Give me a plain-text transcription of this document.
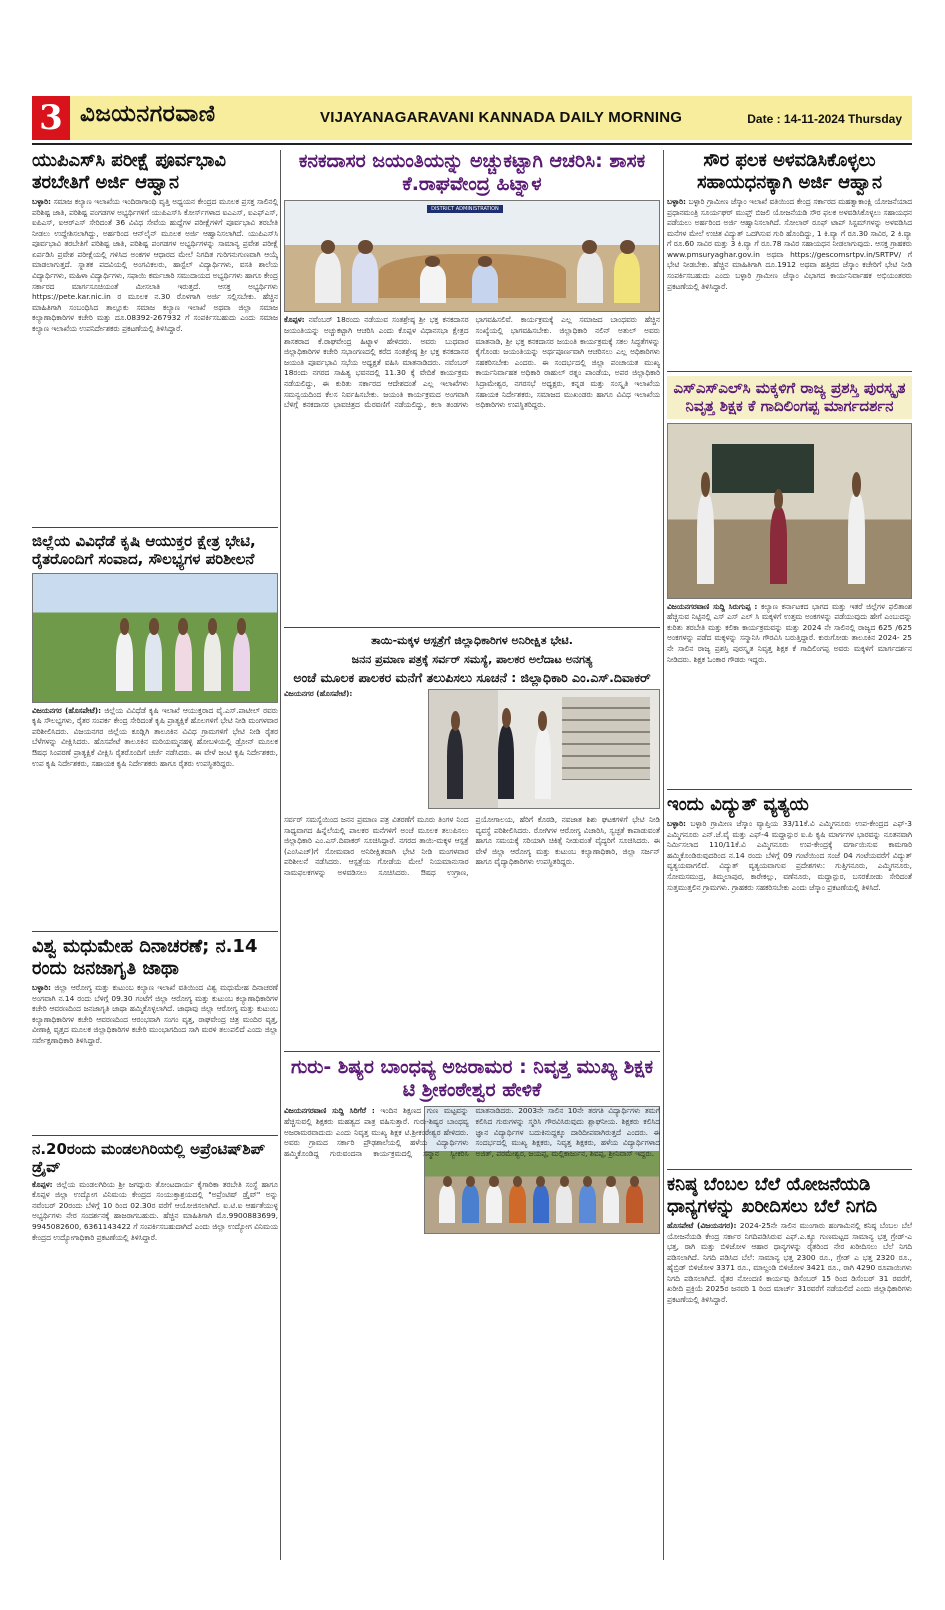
3 ವಿಜಯನಗರವಾಣಿ	VIJAYANAGARAVANI KANNADA DAILY MORNING	Date : 14-11-2024 Thursday
ಯುಪಿಎಸ್‌ಸಿ ಪರೀಕ್ಷೆ ಪೂರ್ವಭಾವಿ ತರಬೇತಿಗೆ ಅರ್ಜಿ ಆಹ್ವಾನ
ಬಳ್ಳಾರಿ: ಸಮಾಜ ಕಲ್ಯಾಣ ಇಲಾಖೆಯ ಇಂದಿರಾಗಾಂಧಿ ವೃತ್ತಿ ಅಧ್ಯಯನ ಕೇಂದ್ರದ ಮೂಲಕ ಪ್ರಸಕ್ತ ಸಾಲಿನಲ್ಲಿ ಪರಿಶಿಷ್ಟ ಜಾತಿ, ಪರಿಶಿಷ್ಟ ಪಂಗಡಗಳ ಅಭ್ಯರ್ಥಿಗಳಿಗೆ ಯುಪಿಎಸ್‌ಸಿ ಕೋರ್ಸ್‌ಗಳಾದ ಐಎಎಸ್, ಐಎಫ್‌ಎಸ್, ಐಪಿಎಸ್, ಐಆರ್‌ಎಸ್ ಸೇರಿದಂತೆ 36 ವಿವಿಧ ಸೇವೆಯ ಹುದ್ದೆಗಳ ಪರೀಕ್ಷೆಗಳಿಗೆ ಪೂರ್ವಭಾವಿ ತರಬೇತಿ ನೀಡಲು ಉದ್ದೇಶಿಸಲಾಗಿದ್ದು, ಅರ್ಹರಿಂದ ಆನ್‌ಲೈನ್ ಮೂಲಕ ಅರ್ಜಿ ಆಹ್ವಾನಿಸಲಾಗಿದೆ. ಯುಪಿಎಸ್‌ಸಿ ಪೂರ್ವಭಾವಿ ತರಬೇತಿಗೆ ಪರಿಶಿಷ್ಟ ಜಾತಿ, ಪರಿಶಿಷ್ಟ ಪಂಗಡಗಳ ಅಭ್ಯರ್ಥಿಗಳನ್ನು ಸಾಮಾನ್ಯ ಪ್ರವೇಶ ಪರೀಕ್ಷೆ ಏರ್ಪಡಿಸಿ ಪ್ರವೇಶ ಪರೀಕ್ಷೆಯಲ್ಲಿ ಗಳಿಸಿದ ಅಂಕಗಳ ಆಧಾರದ ಮೇಲೆ ನಿಗದಿತ ಗುರಿಗನುಗುಣವಾಗಿ ಆಯ್ಕೆ ಮಾಡಲಾಗುತ್ತದೆ. ಸ್ನಾತಕ ಪದವಿಯಲ್ಲಿ ಅಂಗವಿಕಲರು, ಹಾಸ್ಟೆಲ್ ವಿದ್ಯಾರ್ಥಿಗಳು, ವಸತಿ ಶಾಲೆಯ ವಿದ್ಯಾರ್ಥಿಗಳು, ಮಹಿಳಾ ವಿದ್ಯಾರ್ಥಿಗಳು, ಸಫಾಯಿ ಕರ್ಮಚಾರಿ ಸಮುದಾಯದ ಅಭ್ಯರ್ಥಿಗಳು ಹಾಗೂ ಕೇಂದ್ರ ಸರ್ಕಾರದ ಮಾರ್ಗಸೂಚಿಯಂತೆ ಮೀಸಲಾತಿ ಇರುತ್ತದೆ. ಆಸಕ್ತ ಅಭ್ಯರ್ಥಿಗಳು https://pete.kar.nic.in ರ ಮೂಲಕ ನ.30 ರೊಳಗಾಗಿ ಅರ್ಜಿ ಸಲ್ಲಿಸಬೇಕು. ಹೆಚ್ಚಿನ ಮಾಹಿತಿಗಾಗಿ ಸಂಬಂಧಿಸಿದ ತಾಲ್ಲೂಕು ಸಮಾಜ ಕಲ್ಯಾಣ ಇಲಾಖೆ ಅಥವಾ ಜಿಲ್ಲಾ ಸಮಾಜ ಕಲ್ಯಾಣಾಧಿಕಾರಿಗಳ ಕಚೇರಿ ಮತ್ತು ದೂ.08392-267932 ಗೆ ಸಂಪರ್ಕಿಸಬಹುದು ಎಂದು ಸಮಾಜ ಕಲ್ಯಾಣ ಇಲಾಖೆಯ ಉಪನಿರ್ದೇಶಕರು ಪ್ರಕಟಣೆಯಲ್ಲಿ ತಿಳಿಸಿದ್ದಾರೆ.
ಜಿಲ್ಲೆಯ ವಿವಿಧೆಡೆ ಕೃಷಿ ಆಯುಕ್ತರ ಕ್ಷೇತ್ರ ಭೇಟಿ, ರೈತರೊಂದಿಗೆ ಸಂವಾದ, ಸೌಲಭ್ಯಗಳ ಪರಿಶೀಲನೆ
ವಿಜಯನಗರ (ಹೊಸಪೇಟೆ): ಜಿಲ್ಲೆಯ ವಿವಿಧೆಡೆ ಕೃಷಿ ಇಲಾಖೆ ಆಯುಕ್ತರಾದ ವೈ.ಎಸ್.ಪಾಟೀಲ್ ರವರು ಕೃಷಿ ಸೌಲಭ್ಯಗಳು, ರೈತರ ಸಂಪರ್ಕ ಕೇಂದ್ರ ಸೇರಿದಂತೆ ಕೃಷಿ ಪ್ರಾತ್ಯಕ್ಷಿಕೆ ಹೊಲಗಳಿಗೆ ಭೇಟಿ ನೀಡಿ ಮಂಗಳವಾರ ಪರಿಶೀಲಿಸಿದರು. ವಿಜಯನಗರ ಜಿಲ್ಲೆಯ ಕೂಡ್ಲಿಗಿ ತಾಲೂಕಿನ ವಿವಿಧ ಗ್ರಾಮಗಳಿಗೆ ಭೇಟಿ ನೀಡಿ ರೈತರ ಬೆಳೆಗಳನ್ನು ವೀಕ್ಷಿಸಿದರು. ಹೊಸಪೇಟೆ ತಾಲೂಕಿನ ಮರಿಯಮ್ಮನಹಳ್ಳಿ ಹೋಬಳಿಯಲ್ಲಿ ಡ್ರೋನ್ ಮೂಲಕ ಔಷಧ ಸಿಂಪರಣೆ ಪ್ರಾತ್ಯಕ್ಷಿಕೆ ವೀಕ್ಷಿಸಿ ರೈತರೊಂದಿಗೆ ಚರ್ಚೆ ನಡೆಸಿದರು. ಈ ವೇಳೆ ಜಂಟಿ ಕೃಷಿ ನಿರ್ದೇಶಕರು, ಉಪ ಕೃಷಿ ನಿರ್ದೇಶಕರು, ಸಹಾಯಕ ಕೃಷಿ ನಿರ್ದೇಶಕರು ಹಾಗೂ ರೈತರು ಉಪಸ್ಥಿತರಿದ್ದರು.
ವಿಶ್ವ ಮಧುಮೇಹ ದಿನಾಚರಣೆ; ನ.14 ರಂದು ಜನಜಾಗೃತಿ ಜಾಥಾ
ಬಳ್ಳಾರಿ: ಜಿಲ್ಲಾ ಆರೋಗ್ಯ ಮತ್ತು ಕುಟುಂಬ ಕಲ್ಯಾಣ ಇಲಾಖೆ ವತಿಯಿಂದ ವಿಶ್ವ ಮಧುಮೇಹ ದಿನಾಚರಣೆ ಅಂಗವಾಗಿ ನ.14 ರಂದು ಬೆಳಿಗ್ಗೆ 09.30 ಗಂಟೆಗೆ ಜಿಲ್ಲಾ ಆರೋಗ್ಯ ಮತ್ತು ಕುಟುಂಬ ಕಲ್ಯಾಣಾಧಿಕಾರಿಗಳ ಕಚೇರಿ ಆವರಣದಿಂದ ಜನಜಾಗೃತಿ ಜಾಥಾ ಹಮ್ಮಿಕೊಳ್ಳಲಾಗಿದೆ. ಜಾಥಾವು ಜಿಲ್ಲಾ ಆರೋಗ್ಯ ಮತ್ತು ಕುಟುಂಬ ಕಲ್ಯಾಣಾಧಿಕಾರಿಗಳ ಕಚೇರಿ ಆವರಣದಿಂದ ಆರಂಭವಾಗಿ ಸಂಗಂ ವೃತ್ತ, ರಾಘವೇಂದ್ರ ಚಿತ್ರ ಮಂದಿರ ವೃತ್ತ, ವೀಣಾಕ್ಷಿ ವೃತ್ತದ ಮೂಲಕ ಜಿಲ್ಲಾಧಿಕಾರಿಗಳ ಕಚೇರಿ ಮುಂಭಾಗದಿಂದ ಸಾಗಿ ಮರಳಿ ತಲುಪಲಿದೆ ಎಂದು ಜಿಲ್ಲಾ ಸರ್ವೇಕ್ಷಣಾಧಿಕಾರಿ ತಿಳಿಸಿದ್ದಾರೆ.
ನ.20ರಂದು ಮಂಡಲಗಿರಿಯಲ್ಲಿ ಅಪ್ರೆಂಟಿಷ್‌ಶಿಪ್ ಡ್ರೈವ್
ಕೊಪ್ಪಳ: ಜಿಲ್ಲೆಯ ಮಂಡಲಗಿರಿಯ ಶ್ರೀ ಜಗದ್ಗುರು ತೋಂಟದಾರ್ಯ ಕೈಗಾರಿಕಾ ತರಬೇತಿ ಸಂಸ್ಥೆ ಹಾಗೂ ಕೊಪ್ಪಳ ಜಿಲ್ಲಾ ಉದ್ಯೋಗ ವಿನಿಮಯ ಕೇಂದ್ರದ ಸಂಯುಕ್ತಾಶ್ರಯದಲ್ಲಿ "ಅಪ್ರೆಂಟಿಷ್ ಡ್ರೈವ್" ಅನ್ನು ನವೆಂಬರ್ 20ರಂದು ಬೆಳಿಗ್ಗೆ 10 ರಿಂದ 02.30ರ ವರೆಗೆ ಆಯೋಜಿಸಲಾಗಿದೆ. ಐ.ಟಿ.ಐ ಆರ್ಹತೆಯುಳ್ಳ ಅಭ್ಯರ್ಥಿಗಳು ನೇರ ಸಂದರ್ಶನಕ್ಕೆ ಹಾಜರಾಗಬಹುದು. ಹೆಚ್ಚಿನ ಮಾಹಿತಿಗಾಗಿ ಮೊ.9900883699, 9945082600, 6361143422 ಗೆ ಸಂಪರ್ಕಿಸಬಹುದಾಗಿದೆ ಎಂದು ಜಿಲ್ಲಾ ಉದ್ಯೋಗ ವಿನಿಮಯ ಕೇಂದ್ರದ ಉದ್ಯೋಗಾಧಿಕಾರಿ ಪ್ರಕಟಣೆಯಲ್ಲಿ ತಿಳಿಸಿದ್ದಾರೆ.
ಕನಕದಾಸರ ಜಯಂತಿಯನ್ನು ಅಚ್ಚುಕಟ್ಟಾಗಿ ಆಚರಿಸಿ: ಶಾಸಕ ಕೆ.ರಾಘವೇಂದ್ರ ಹಿಟ್ನಾಳ
DISTRICT ADMINISTRATION
ಕೊಪ್ಪಳ: ನವೆಂಬರ್ 18ರಂದು ನಡೆಯುವ ಸಂತಶ್ರೇಷ್ಠ ಶ್ರೀ ಭಕ್ತ ಕನಕದಾಸರ ಜಯಂತಿಯನ್ನು ಅಚ್ಚುಕಟ್ಟಾಗಿ ಆಚರಿಸಿ ಎಂದು ಕೊಪ್ಪಳ ವಿಧಾನಸಭಾ ಕ್ಷೇತ್ರದ ಶಾಸಕರಾದ ಕೆ.ರಾಘವೇಂದ್ರ ಹಿಟ್ನಾಳ ಹೇಳಿದರು. ಅವರು ಬುಧವಾರ ಜಿಲ್ಲಾಧಿಕಾರಿಗಳ ಕಚೇರಿ ಸಭಾಂಗಣದಲ್ಲಿ ಕರೆದ ಸಂತಶ್ರೇಷ್ಠ ಶ್ರೀ ಭಕ್ತ ಕನಕದಾಸರ ಜಯಂತಿ ಪೂರ್ವಭಾವಿ ಸಭೆಯ ಅಧ್ಯಕ್ಷತೆ ವಹಿಸಿ ಮಾತನಾಡಿದರು. ನವೆಂಬರ್ 18ರಂದು ನಗರದ ಸಾಹಿತ್ಯ ಭವನದಲ್ಲಿ 11.30 ಕ್ಕೆ ವೇದಿಕೆ ಕಾರ್ಯಕ್ರಮ ನಡೆಯಲಿದ್ದು, ಈ ಕುರಿತು ಸರ್ಕಾರದ ಆದೇಶದಂತೆ ಎಲ್ಲ ಇಲಾಖೆಗಳು ಸಮನ್ವಯದಿಂದ ಕೆಲಸ ನಿರ್ವಹಿಸಬೇಕು. ಜಯಂತಿ ಕಾರ್ಯಕ್ರಮದ ಅಂಗವಾಗಿ ಬೆಳಿಗ್ಗೆ ಕನಕದಾಸರ ಭಾವಚಿತ್ರದ ಮೆರವಣಿಗೆ ನಡೆಯಲಿದ್ದು, ಕಲಾ ತಂಡಗಳು ಭಾಗವಹಿಸಲಿವೆ. ಕಾರ್ಯಕ್ರಮಕ್ಕೆ ಎಲ್ಲ ಸಮಾಜದ ಬಾಂಧವರು ಹೆಚ್ಚಿನ ಸಂಖ್ಯೆಯಲ್ಲಿ ಭಾಗವಹಿಸಬೇಕು. ಜಿಲ್ಲಾಧಿಕಾರಿ ನಲಿನ್ ಅತುಲ್ ಅವರು ಮಾತನಾಡಿ, ಶ್ರೀ ಭಕ್ತ ಕನಕದಾಸರ ಜಯಂತಿ ಕಾರ್ಯಕ್ರಮಕ್ಕೆ ಸಕಲ ಸಿದ್ಧತೆಗಳನ್ನು ಕೈಗೊಂಡು ಜಯಂತಿಯನ್ನು ಅರ್ಥಪೂರ್ಣವಾಗಿ ಆಚರಿಸಲು ಎಲ್ಲ ಅಧಿಕಾರಿಗಳು ಸಹಕರಿಸಬೇಕು ಎಂದರು. ಈ ಸಂದರ್ಭದಲ್ಲಿ ಜಿಲ್ಲಾ ಪಂಚಾಯತ ಮುಖ್ಯ ಕಾರ್ಯನಿರ್ವಾಹಕ ಅಧಿಕಾರಿ ರಾಹುಲ್ ರತ್ನಂ ಪಾಂಡೆಯ, ಅಪರ ಜಿಲ್ಲಾಧಿಕಾರಿ ಸಿದ್ರಾಮೇಶ್ವರ, ನಗರಸಭೆ ಅಧ್ಯಕ್ಷರು, ಕನ್ನಡ ಮತ್ತು ಸಂಸ್ಕೃತಿ ಇಲಾಖೆಯ ಸಹಾಯಕ ನಿರ್ದೇಶಕರು, ಸಮಾಜದ ಮುಖಂಡರು ಹಾಗೂ ವಿವಿಧ ಇಲಾಖೆಯ ಅಧಿಕಾರಿಗಳು ಉಪಸ್ಥಿತರಿದ್ದರು.
ತಾಯಿ-ಮಕ್ಕಳ ಆಸ್ಪತ್ರೆಗೆ ಜಿಲ್ಲಾಧಿಕಾರಿಗಳ ಅನಿರೀಕ್ಷಿತ ಭೇಟಿ.
ಜನನ ಪ್ರಮಾಣ ಪತ್ರಕ್ಕೆ ಸರ್ವರ್ ಸಮಸ್ಯೆ, ಪಾಲಕರ ಅಲೆದಾಟ ಅನಗತ್ಯ
ಅಂಚೆ ಮೂಲಕ ಪಾಲಕರ ಮನೆಗೆ ತಲುಪಿಸಲು ಸೂಚನೆ : ಜಿಲ್ಲಾಧಿಕಾರಿ ಎಂ.ಎಸ್.ದಿವಾಕರ್
ವಿಜಯನಗರ (ಹೊಸಪೇಟೆ):
ಸರ್ವರ್ ಸಮಸ್ಯೆಯಿಂದ ಜನನ ಪ್ರಮಾಣ ಪತ್ರ ವಿತರಣೆಗೆ ಮೂರು ತಿಂಗಳ ನಿಂದ ಸಾಧ್ಯವಾಗದ ಹಿನ್ನೆಲೆಯಲ್ಲಿ ಪಾಲಕರ ಮನೆಗಳಿಗೆ ಅಂಚೆ ಮೂಲಕ ತಲುಪಿಸಲು ಜಿಲ್ಲಾಧಿಕಾರಿ ಎಂ.ಎಸ್.ದಿವಾಕರ್ ಸೂಚಿಸಿದ್ದಾರೆ. ನಗರದ ತಾಯಿ-ಮಕ್ಕಳ ಆಸ್ಪತ್ರೆ (ಎಂಸಿಎಚ್)ಗೆ ಸೋಮವಾರ ಅನಿರೀಕ್ಷಿತವಾಗಿ ಭೇಟಿ ನೀಡಿ ಮಂಗಳವಾರ ಪರಿಶೀಲನೆ ನಡೆಸಿದರು. ಆಸ್ಪತ್ರೆಯ ಗೋಡೆಯ ಮೇಲೆ ನಿಯಮಾನುಸಾರ ನಾಮಫಲಕಗಳನ್ನು ಅಳವಡಿಸಲು ಸೂಚಿಸಿದರು. ಔಷಧ ಉಗ್ರಾಣ, ಪ್ರಯೋಗಾಲಯ, ಹೆರಿಗೆ ಕೊಠಡಿ, ನವಜಾತ ಶಿಶು ಘಟಕಗಳಿಗೆ ಭೇಟಿ ನೀಡಿ ವ್ಯವಸ್ಥೆ ಪರಿಶೀಲಿಸಿದರು. ರೋಗಿಗಳ ಆರೋಗ್ಯ ವಿಚಾರಿಸಿ, ಸ್ವಚ್ಛತೆ ಕಾಪಾಡುವಂತೆ ಹಾಗೂ ಸಮಯಕ್ಕೆ ಸರಿಯಾಗಿ ಚಿಕಿತ್ಸೆ ನೀಡುವಂತೆ ವೈದ್ಯರಿಗೆ ಸೂಚಿಸಿದರು. ಈ ವೇಳೆ ಜಿಲ್ಲಾ ಆರೋಗ್ಯ ಮತ್ತು ಕುಟುಂಬ ಕಲ್ಯಾಣಾಧಿಕಾರಿ, ಜಿಲ್ಲಾ ಸರ್ಜನ್ ಹಾಗೂ ವೈದ್ಯಾಧಿಕಾರಿಗಳು ಉಪಸ್ಥಿತರಿದ್ದರು.
ಗುರು- ಶಿಷ್ಯರ ಬಾಂಧವ್ಯ ಅಜರಾಮರ : ನಿವೃತ್ತ ಮುಖ್ಯ ಶಿಕ್ಷಕ ಟಿ ಶ್ರೀಕಂಠೇಶ್ವರ ಹೇಳಿಕೆ
ವಿಜಯನಗರವಾಣಿ ಸುದ್ದಿ ಸಿರಿಗೆರೆ : ಇಂದಿನ ಶಿಕ್ಷಣದ ಗುಣ ಮಟ್ಟವನ್ನು ಹೆಚ್ಚಿಸುವಲ್ಲಿ ಶಿಕ್ಷಕರು ಮಹತ್ವದ ಪಾತ್ರ ವಹಿಸುತ್ತಾರೆ. ಗುರು-ಶಿಷ್ಯರ ಬಾಂಧವ್ಯ ಅಜರಾಮರವಾದುದು ಎಂದು ನಿವೃತ್ತ ಮುಖ್ಯ ಶಿಕ್ಷಕ ಟಿ.ಶ್ರೀಕಂಠೇಶ್ವರ ಹೇಳಿದರು. ಅವರು ಗ್ರಾಮದ ಸರ್ಕಾರಿ ಪ್ರೌಢಶಾಲೆಯಲ್ಲಿ ಹಳೆಯ ವಿದ್ಯಾರ್ಥಿಗಳು ಹಮ್ಮಿಕೊಂಡಿದ್ದ ಗುರುವಂದನಾ ಕಾರ್ಯಕ್ರಮದಲ್ಲಿ ಸನ್ಮಾನ ಸ್ವೀಕರಿಸಿ ಮಾತನಾಡಿದರು. 2003ನೇ ಸಾಲಿನ 10ನೇ ತರಗತಿ ವಿದ್ಯಾರ್ಥಿಗಳು ತಮಗೆ ಕಲಿಸಿದ ಗುರುಗಳನ್ನು ಸ್ಮರಿಸಿ ಗೌರವಿಸಿರುವುದು ಶ್ಲಾಘನೀಯ. ಶಿಕ್ಷಕರು ಕಲಿಸಿದ ಜ್ಞಾನ ವಿದ್ಯಾರ್ಥಿಗಳ ಬದುಕಿನುದ್ದಕ್ಕೂ ದಾರಿದೀಪವಾಗಿರುತ್ತದೆ ಎಂದರು. ಈ ಸಂದರ್ಭದಲ್ಲಿ ಮುಖ್ಯ ಶಿಕ್ಷಕರು, ನಿವೃತ್ತ ಶಿಕ್ಷಕರು, ಹಳೆಯ ವಿದ್ಯಾರ್ಥಿಗಳಾದ ಅಜಿತ್, ಪರಮೇಶ್ವರ, ಜಯಪ್ಪ, ಮಲ್ಲಿಕಾರ್ಜುನ, ಶಿವಪ್ಪ, ಶ್ರೀನಿವಾಸ್ ಇದ್ದರು.
ಸೌರ ಫಲಕ ಅಳವಡಿಸಿಕೊಳ್ಳಲು ಸಹಾಯಧನಕ್ಕಾಗಿ ಅರ್ಜಿ ಆಹ್ವಾನ
ಬಳ್ಳಾರಿ: ಬಳ್ಳಾರಿ ಗ್ರಾಮೀಣ ಜೆಸ್ಕಾಂ ಇಲಾಖೆ ವತಿಯಿಂದ ಕೇಂದ್ರ ಸರ್ಕಾರದ ಮಹತ್ವಾಕಾಂಕ್ಷಿ ಯೋಜನೆಯಾದ ಪ್ರಧಾನಮಂತ್ರಿ ಸೂರ್ಯಘರ್ ಮುಫ್ತ್ ಬಿಜಲಿ ಯೋಜನೆಯಡಿ ಸೌರ ಫಲಕ ಅಳವಡಿಸಿಕೊಳ್ಳಲು ಸಹಾಯಧನ ಪಡೆಯಲು ಅರ್ಹರಿಂದ ಅರ್ಜಿ ಆಹ್ವಾನಿಸಲಾಗಿದೆ. ಸೋಲಾರ್ ರೂಫ್ ಟಾಪ್ ಸಿಸ್ಟಮ್‌ಗಳನ್ನು ಅಳವಡಿಸಿದ ಮನೆಗಳ ಮೇಲೆ ಉಚಿತ ವಿದ್ಯುತ್ ಒದಗಿಸುವ ಗುರಿ ಹೊಂದಿದ್ದು, 1 ಕಿ.ವ್ಯಾ ಗೆ ರೂ.30 ಸಾವಿರ, 2 ಕಿ.ವ್ಯಾ ಗೆ ರೂ.60 ಸಾವಿರ ಮತ್ತು 3 ಕಿ.ವ್ಯಾ ಗೆ ರೂ.78 ಸಾವಿರ ಸಹಾಯಧನ ನೀಡಲಾಗುವುದು. ಆಸಕ್ತ ಗ್ರಾಹಕರು www.pmsuryaghar.gov.in ಅಥವಾ https://gescomsrtpv.in/SRTPV/ ಗೆ ಭೇಟಿ ನೀಡಬೇಕು. ಹೆಚ್ಚಿನ ಮಾಹಿತಿಗಾಗಿ ದೂ.1912 ಅಥವಾ ಹತ್ತಿರದ ಜೆಸ್ಕಾಂ ಕಚೇರಿಗೆ ಭೇಟಿ ನೀಡಿ ಸಂಪರ್ಕಿಸಬಹುದು ಎಂದು ಬಳ್ಳಾರಿ ಗ್ರಾಮೀಣ ಜೆಸ್ಕಾಂ ವಿಭಾಗದ ಕಾರ್ಯನಿರ್ವಾಹಕ ಅಭಿಯಂತರರು ಪ್ರಕಟಣೆಯಲ್ಲಿ ತಿಳಿಸಿದ್ದಾರೆ.
ಎಸ್‌ಎಸ್‌ಎಲ್‌ಸಿ ಮಕ್ಕಳಿಗೆ ರಾಜ್ಯ ಪ್ರಶಸ್ತಿ ಪುರಸ್ಕೃತ ನಿವೃತ್ತ ಶಿಕ್ಷಕ ಕೆ ಗಾದಿಲಿಂಗಪ್ಪ ಮಾರ್ಗದರ್ಶನ
ವಿಜಯನಗರವಾಣಿ ಸುದ್ದಿ ಸಿರುಗುಪ್ಪ : ಕಲ್ಯಾಣ ಕರ್ನಾಟಕದ ಭಾಗದ ಮತ್ತು ಇತರೆ ಜಿಲ್ಲೆಗಳ ಫಲಿತಾಂಶ ಹೆಚ್ಚಿಸುವ ನಿಟ್ಟಿನಲ್ಲಿ ಎಸ್ ಎಸ್ ಎಲ್ ಸಿ ಮಕ್ಕಳಿಗೆ ಉತ್ತಮ ಅಂಕಗಳನ್ನು ಪಡೆಯುವುದು ಹೇಗೆ ಎಂಬುದನ್ನು ಕುರಿತು ತರಬೇತಿ ಮತ್ತು ಕಲಿಕಾ ಕಾರ್ಯಕ್ರಮವನ್ನು ಮತ್ತು 2024 ನೇ ಸಾಲಿನಲ್ಲಿ ರಾಜ್ಯದ 625 /625 ಅಂಕಗಳನ್ನು ಪಡೆದ ಮಕ್ಕಳನ್ನು ಸನ್ಮಾನಿಸಿ ಗೌರವಿಸಿ ಬರುತ್ತಿದ್ದಾರೆ. ಕುರುಗೋಡು ತಾಲೂಕಿನ 2024- 25 ನೇ ಸಾಲಿನ ರಾಜ್ಯ ಪ್ರಶಸ್ತಿ ಪುರಸ್ಕೃತ ನಿವೃತ್ತ ಶಿಕ್ಷಕ ಕೆ ಗಾದಿಲಿಂಗಪ್ಪ ಅವರು ಮಕ್ಕಳಿಗೆ ಮಾರ್ಗದರ್ಶನ ನೀಡಿದರು. ಶಿಕ್ಷಕ ಓಂಕಾರ ಗೌಡರು ಇದ್ದರು.
ಇಂದು ವಿದ್ಯುತ್ ವ್ಯತ್ಯಯ
ಬಳ್ಳಾರಿ: ಬಳ್ಳಾರಿ ಗ್ರಾಮೀಣ ಜೆಸ್ಕಾಂ ವ್ಯಾಪ್ತಿಯ 33/11ಕೆ.ವಿ ಎಮ್ಮಿಗನೂರು ಉಪ-ಕೇಂದ್ರದ ಎಫ್-3 ಎಮ್ಮಿಗನೂರು ಎನ್.ಜೆ.ವೈ ಮತ್ತು ಎಫ್-4 ಮದ್ದಾನ್ಪುರ ಐ.ಪಿ ಕೃಷಿ ಮಾರ್ಗಗಳ ಭಾರವನ್ನು ನೂತನವಾಗಿ ನಿರ್ಮಿಸಲಾದ 110/11ಕೆ.ವಿ ಎಮ್ಮಿಗನೂರು ಉಪ-ಕೇಂದ್ರಕ್ಕೆ ವರ್ಗಾಯಿಸುವ ಕಾಮಗಾರಿ ಹಮ್ಮಿಕೊಂಡಿರುವುದರಿಂದ ನ.14 ರಂದು ಬೆಳಿಗ್ಗೆ 09 ಗಂಟೆಯಿಂದ ಸಂಜೆ 04 ಗಂಟೆಯವರೆಗೆ ವಿದ್ಯುತ್ ವ್ಯತ್ಯಯವಾಗಲಿದೆ. ವಿದ್ಯುತ್ ವ್ಯತ್ಯಯವಾಗುವ ಪ್ರದೇಶಗಳು: ಗುತ್ತಿಗನೂರು, ಎಮ್ಮಿಗನೂರು, ಸೋಮಸಮುದ್ರ, ತಿಮ್ಮಲಾಪುರ, ಕಾರೇಕಲ್ಲು, ವಣೆನೂರು, ಮದ್ದಾನ್ಪುರ, ಬಸರಕೋಡು ಸೇರಿದಂತೆ ಸುತ್ತಮುತ್ತಲಿನ ಗ್ರಾಮಗಳು. ಗ್ರಾಹಕರು ಸಹಕರಿಸಬೇಕು ಎಂದು ಜೆಸ್ಕಾಂ ಪ್ರಕಟಣೆಯಲ್ಲಿ ತಿಳಿಸಿದೆ.
ಕನಿಷ್ಠ ಬೆಂಬಲ ಬೆಲೆ ಯೋಜನೆಯಡಿ ಧಾನ್ಯಗಳನ್ನು ಖರೀದಿಸಲು ಬೆಲೆ ನಿಗದಿ
ಹೊಸಪೇಟೆ (ವಿಜಯನಗರ): 2024-25ನೇ ಸಾಲಿನ ಮುಂಗಾರು ಹಂಗಾಮಿನಲ್ಲಿ ಕನಿಷ್ಠ ಬೆಂಬಲ ಬೆಲೆ ಯೋಜನೆಯಡಿ ಕೇಂದ್ರ ಸರ್ಕಾರ ನಿಗದಿಪಡಿಸಿರುವ ಎಫ್.ಎ.ಕ್ಯೂ ಗುಣಮಟ್ಟದ ಸಾಮಾನ್ಯ ಭತ್ತ ಗ್ರೇಡ್-ಎ ಭತ್ತ, ರಾಗಿ ಮತ್ತು ಬಿಳಿಜೋಳ ಆಹಾರ ಧಾನ್ಯಗಳನ್ನು ರೈತರಿಂದ ನೇರ ಖರೀದಿಸಲು ಬೆಲೆ ನಿಗದಿ ಪಡಿಸಲಾಗಿದೆ. ನಿಗದಿ ಪಡಿಸಿದ ಬೆಲೆ: ಸಾಮಾನ್ಯ ಭತ್ತ 2300 ರೂ., ಗ್ರೇಡ್ ಎ ಭತ್ತ 2320 ರೂ., ಹೈಬ್ರಿಡ್ ಬಿಳಿಜೋಳ 3371 ರೂ., ಮಾಲ್ದಂಡಿ ಬಿಳಿಜೋಳ 3421 ರೂ., ರಾಗಿ 4290 ರೂಪಾಯಿಗಳು ನಿಗದಿ ಪಡಿಸಲಾಗಿದೆ. ರೈತರ ನೋಂದಣಿ ಕಾರ್ಯವು ಡಿಸೆಂಬರ್ 15 ರಿಂದ ಡಿಸೆಂಬರ್ 31 ರವರೆಗೆ, ಖರೀದಿ ಪ್ರಕ್ರಿಯೆ 2025ರ ಜನವರಿ 1 ರಿಂದ ಮಾರ್ಚ್ 31ರವರೆಗೆ ನಡೆಯಲಿದೆ ಎಂದು ಜಿಲ್ಲಾಧಿಕಾರಿಗಳು ಪ್ರಕಟಣೆಯಲ್ಲಿ ತಿಳಿಸಿದ್ದಾರೆ.
